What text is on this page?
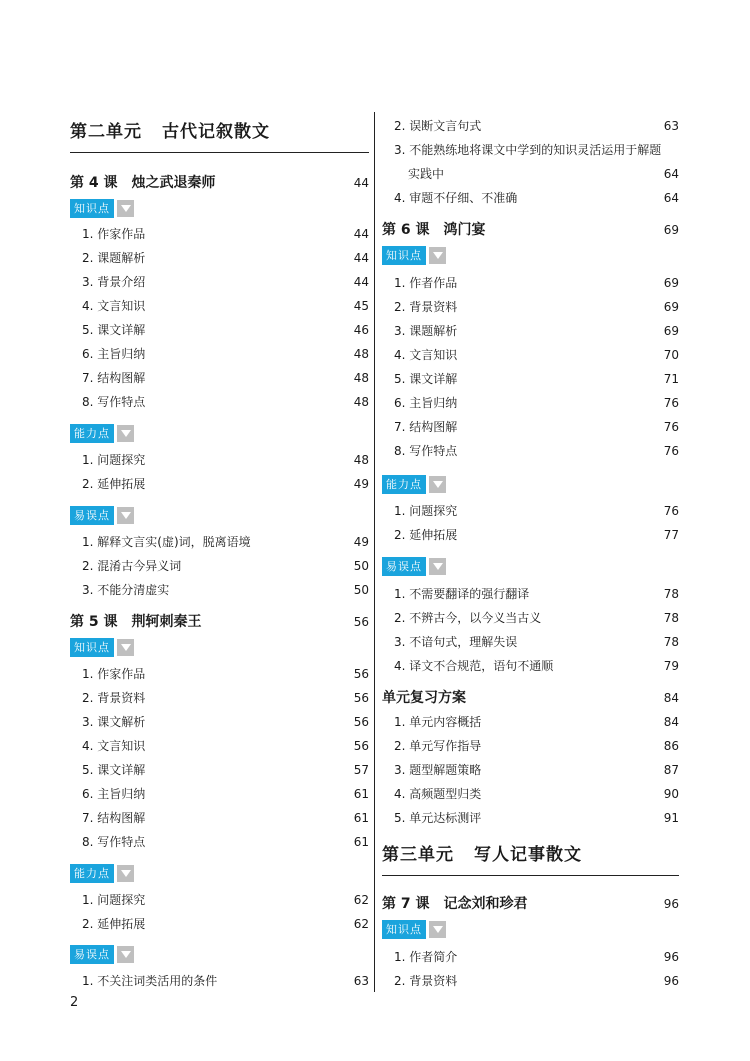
第二单元 古代记叙散文
第 4 课 烛之武退秦师	44
知识点
1. 作家作品	44
2. 课题解析	44
3. 背景介绍	44
4. 文言知识	45
5. 课文详解	46
6. 主旨归纳	48
7. 结构图解	48
8. 写作特点	48
能力点
1. 问题探究	48
2. 延伸拓展	49
易误点
1. 解释文言实(虚)词，脱离语境	49
2. 混淆古今异义词	50
3. 不能分清虚实	50
第 5 课 荆轲刺秦王	56
知识点
1. 作家作品	56
2. 背景资料	56
3. 课文解析	56
4. 文言知识	56
5. 课文详解	57
6. 主旨归纳	61
7. 结构图解	61
8. 写作特点	61
能力点
1. 问题探究	62
2. 延伸拓展	62
易误点
1. 不关注词类活用的条件	63
2. 误断文言句式	63
3. 不能熟练地将课文中学到的知识灵活运用于解题
实践中	64
4. 审题不仔细、不准确	64
第 6 课 鸿门宴	69
知识点
1. 作者作品	69
2. 背景资料	69
3. 课题解析	69
4. 文言知识	70
5. 课文详解	71
6. 主旨归纳	76
7. 结构图解	76
8. 写作特点	76
能力点
1. 问题探究	76
2. 延伸拓展	77
易误点
1. 不需要翻译的强行翻译	78
2. 不辨古今，以今义当古义	78
3. 不谙句式，理解失误	78
4. 译文不合规范，语句不通顺	79
单元复习方案	84
1. 单元内容概括	84
2. 单元写作指导	86
3. 题型解题策略	87
4. 高频题型归类	90
5. 单元达标测评	91
第三单元 写人记事散文
第 7 课 记念刘和珍君	96
知识点
1. 作者简介	96
2. 背景资料	96
2
